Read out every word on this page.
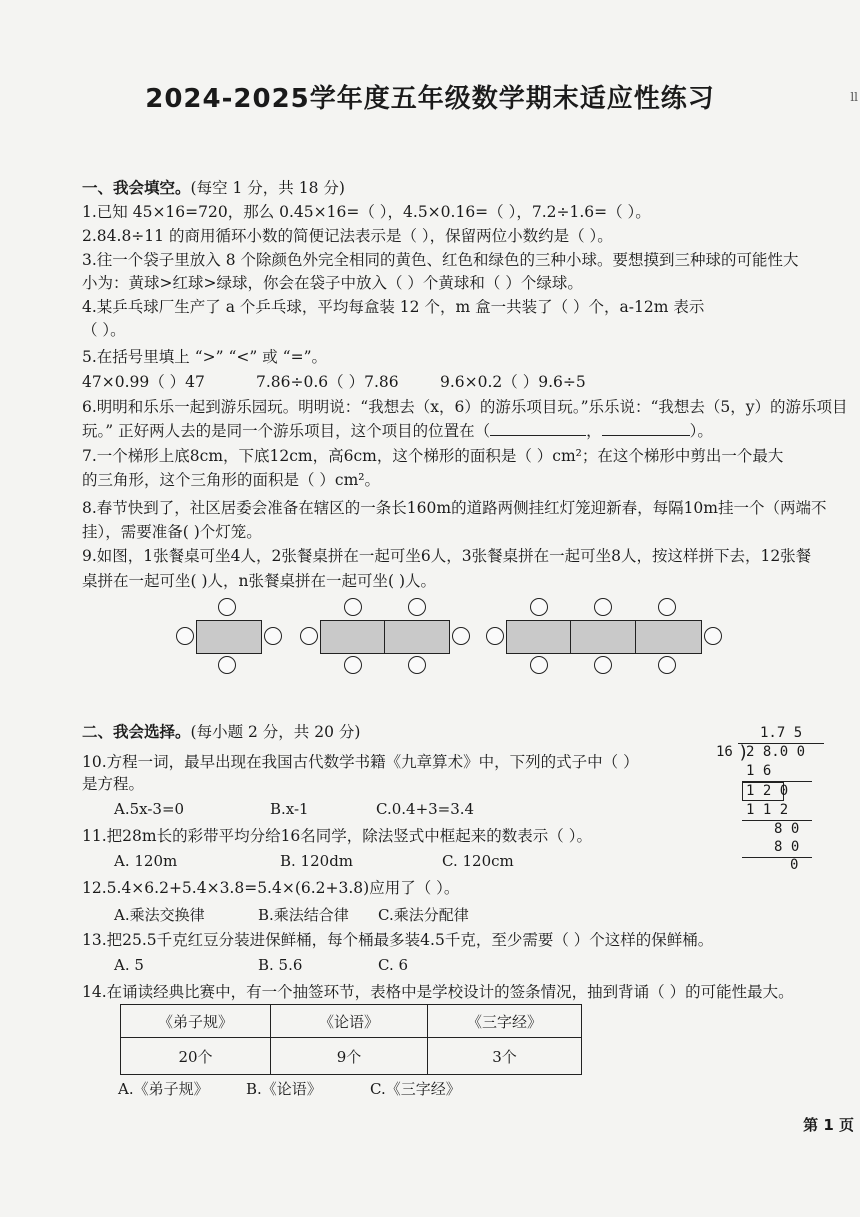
2024-2025学年度五年级数学期末适应性练习	ll
一、我会填空。(每空 1 分，共 18 分)
1.已知 45×16=720，那么 0.45×16=（ ），4.5×0.16=（ ），7.2÷1.6=（ ）。
2.84.8÷11 的商用循环小数的简便记法表示是（ ），保留两位小数约是（ ）。
3.往一个袋子里放入 8 个除颜色外完全相同的黄色、红色和绿色的三种小球。要想摸到三种球的可能性大
小为：黄球>红球>绿球，你会在袋子中放入（ ）个黄球和（ ）个绿球。
4.某乒乓球厂生产了 a 个乒乓球，平均每盒装 12 个，m 盒一共装了（ ）个，a-12m 表示
（ ）。
5.在括号里填上 “>” “<” 或 “=”。
47×0.99（ ）47	7.86÷0.6（ ）7.86	9.6×0.2（ ）9.6÷5
6.明明和乐乐一起到游乐园玩。明明说：“我想去（x，6）的游乐项目玩。”乐乐说：“我想去（5，y）的游乐项目
玩。” 正好两人去的是同一个游乐项目，这个项目的位置在（	，	）。
7.一个梯形上底8cm，下底12cm，高6cm，这个梯形的面积是（ ）cm²；在这个梯形中剪出一个最大
的三角形，这个三角形的面积是（ ）cm²。
8.春节快到了，社区居委会准备在辖区的一条长160m的道路两侧挂红灯笼迎新春，每隔10m挂一个（两端不
挂），需要准备( )个灯笼。
9.如图，1张餐桌可坐4人，2张餐桌拼在一起可坐6人，3张餐桌拼在一起可坐8人，按这样拼下去，12张餐
桌拼在一起可坐( )人，n张餐桌拼在一起可坐( )人。
二、我会选择。(每小题 2 分，共 20 分)
10.方程一词，最早出现在我国古代数学书籍《九章算术》中，下列的式子中（ ）
是方程。
A.5x-3=0	B.x-1	C.0.4+3=3.4
11.把28m长的彩带平均分给16名同学，除法竖式中框起来的数表示（ ）。
A. 120m	B. 120dm	C. 120cm
12.5.4×6.2+5.4×3.8=5.4×(6.2+3.8)应用了（ ）。
A.乘法交换律	B.乘法结合律 C.乘法分配律
13.把25.5千克红豆分装进保鲜桶，每个桶最多装4.5千克，至少需要（ ）个这样的保鲜桶。
A. 5	B. 5.6	C. 6
14.在诵读经典比赛中，有一个抽签环节，表格中是学校设计的签条情况，抽到背诵（ ）的可能性最大。
《弟子规》	《论语》	《三字经》
20个	9个	3个
A.《弟子规》 B.《论语》	C.《三字经》
1.7 5
16 )
2 8.0 0
1 6
1 2 0
1 1 2
8 0
8 0
0
第 1 页
